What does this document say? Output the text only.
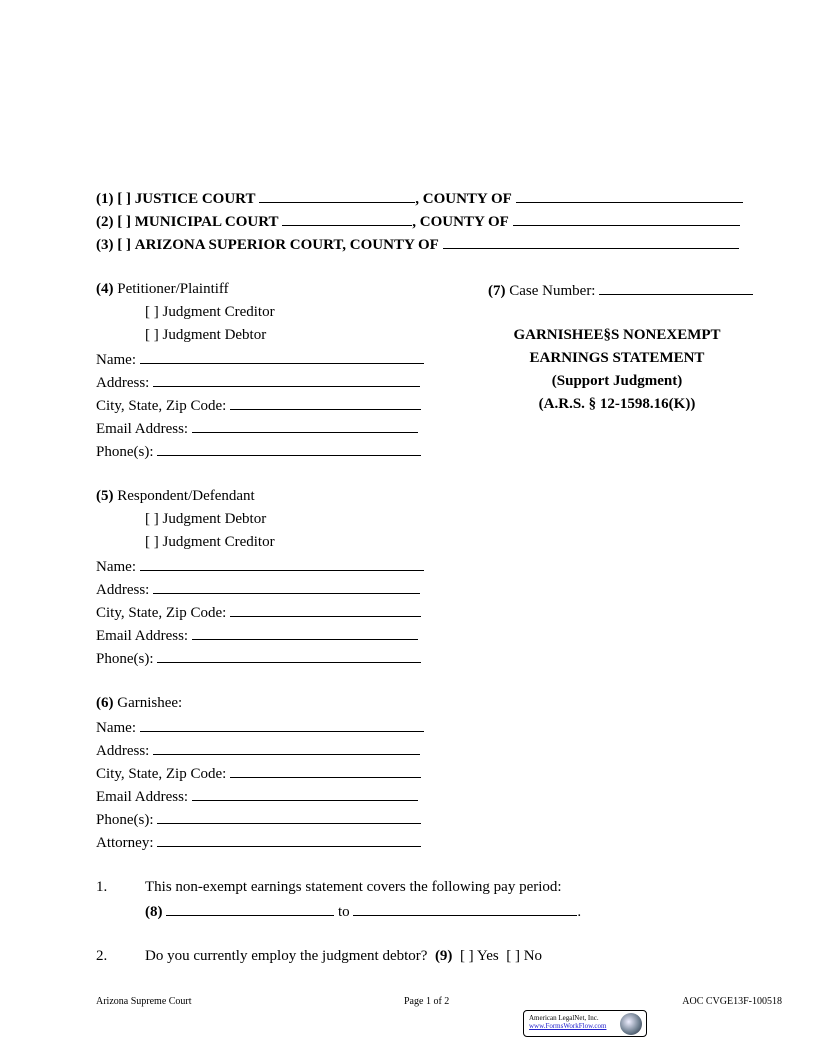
(1)
[ ]
JUSTICE COURT
	, COUNTY OF

(2)
[ ]
MUNICIPAL COURT
	, COUNTY OF

(3)
[ ]
ARIZONA SUPERIOR COURT, COUNTY OF

(4)
Petitioner/Plaintiff
[ ] Judgment Creditor
[ ] Judgment Debtor
Name:

Address:

City, State, Zip Code:

Email Address:

Phone(s):

(5)
Respondent/Defendant
[ ] Judgment Debtor
[ ] Judgment Creditor
Name:

Address:

City, State, Zip Code:

Email Address:

Phone(s):

(6)
Garnishee:
Name:

Address:

City, State, Zip Code:

Email Address:

Phone(s):

Attorney:

(7)
Case Number:

GARNISHEE§S NONEXEMPT
EARNINGS STATEMENT
(Support Judgment)
(A.R.S. § 12-1598.16(K))
1.	This non-exempt earnings statement covers the following pay period:
(8)

	to
	.
2.	Do you currently employ the judgment debtor?
(9)
[ ] Yes
[ ] No
Arizona Supreme Court	Page 1 of 2	AOC CVGE13F-100518
American LegalNet, Inc.
www.FormsWorkFlow.com
